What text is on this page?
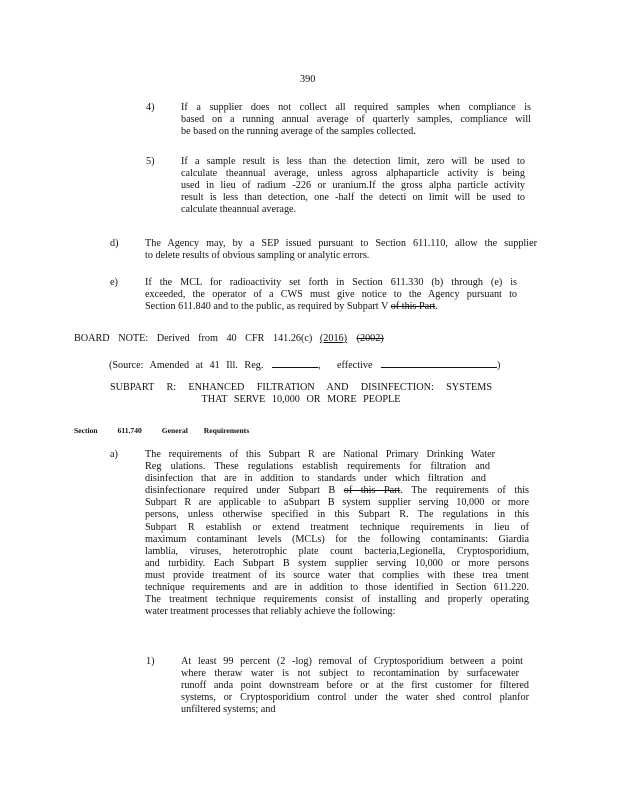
390
4)	If a supplier does not collect all required samples when compliance is
based on a running annual average of quarterly samples, compliance will
be based on the running average of the samples collected.
5)	If a sample result is less than the detection limit, zero will be used to
calculate theannual average, unless agross alphaparticle activity is being
used in lieu of radium -226 or uranium.If the gross alpha particle activity
result is less than detection, one -half the detecti on limit will be used to
calculate theannual average.
d)	The Agency may, by a SEP issued pursuant to Section 611.110, allow the supplier
to delete results of obvious sampling or analytic errors.
e)	If the MCL for radioactivity set forth in Section 611.330 (b) through (e) is
exceeded, the operator of a CWS must give notice to the Agency pursuant to
Section 611.840 and to the public, as required by Subpart V of this Part.
BOARD NOTE: Derived from 40 CFR 141.26(c) (2016) (2002)
(Source: Amended at 41 Ill. Reg.	, effective	)
SUBPART R: ENHANCED FILTRATION AND DISINFECTION: SYSTEMS
THAT SERVE 10,000 OR MORE PEOPLE
Section	611.740	General Requirements
a)	The requirements of this Subpart R are National Primary Drinking Water
Reg ulations. These regulations establish requirements for filtration and
disinfection that are in addition to standards under which filtration and
disinfectionare required under Subpart B of this Part. The requirements of this
Subpart R are applicable to aSubpart B system supplier serving 10,000 or more
persons, unless otherwise specified in this Subpart R. The regulations in this
Subpart R establish or extend treatment technique requirements in lieu of
maximum contaminant levels (MCLs) for the following contaminants: Giardia
lamblia, viruses, heterotrophic plate count bacteria,Legionella, Cryptosporidium,
and turbidity. Each Subpart B system supplier serving 10,000 or more persons
must provide treatment of its source water that complies with these trea tment
technique requirements and are in addition to those identified in Section 611.220.
The treatment technique requirements consist of installing and properly operating
water treatment processes that reliably achieve the following:
1)	At least 99 percent (2 -log) removal of Cryptosporidium between a point
where theraw water is not subject to recontamination by surfacewater
runoff anda point downstream before or at the first customer for filtered
systems, or Cryptosporidium control under the water shed control planfor
unfiltered systems; and
